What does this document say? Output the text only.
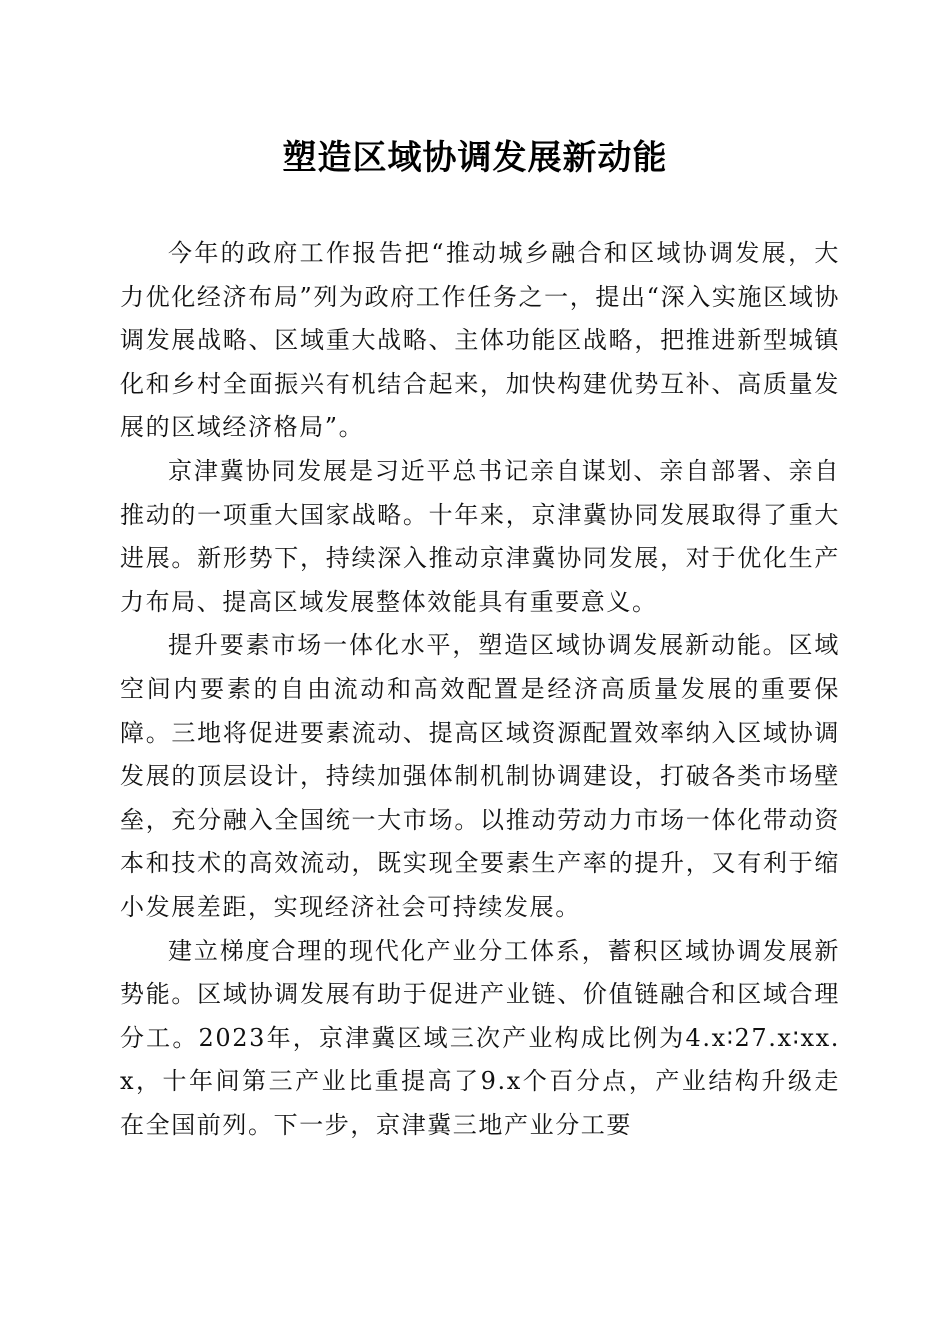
塑造区域协调发展新动能

今年的政府工作报告把“推动城乡融合和区域协调发展，大力优化经济布局”列为政府工作任务之一，提出“深入实施区域协调发展战略、区域重大战略、主体功能区战略，把推进新型城镇化和乡村全面振兴有机结合起来，加快构建优势互补、高质量发展的区域经济格局”。

京津冀协同发展是习近平总书记亲自谋划、亲自部署、亲自推动的一项重大国家战略。十年来，京津冀协同发展取得了重大进展。新形势下，持续深入推动京津冀协同发展，对于优化生产力布局、提高区域发展整体效能具有重要意义。

提升要素市场一体化水平，塑造区域协调发展新动能。区域空间内要素的自由流动和高效配置是经济高质量发展的重要保障。三地将促进要素流动、提高区域资源配置效率纳入区域协调发展的顶层设计，持续加强体制机制协调建设，打破各类市场壁垒，充分融入全国统一大市场。以推动劳动力市场一体化带动资本和技术的高效流动，既实现全要素生产率的提升，又有利于缩小发展差距，实现经济社会可持续发展。

建立梯度合理的现代化产业分工体系，蓄积区域协调发展新势能。区域协调发展有助于促进产业链、价值链融合和区域合理分工。2023年，京津冀区域三次产业构成比例为4.x∶27.x∶xx.x，十年间第三产业比重提高了9.x个百分点，产业结构升级走在全国前列。下一步，京津冀三地产业分工要
